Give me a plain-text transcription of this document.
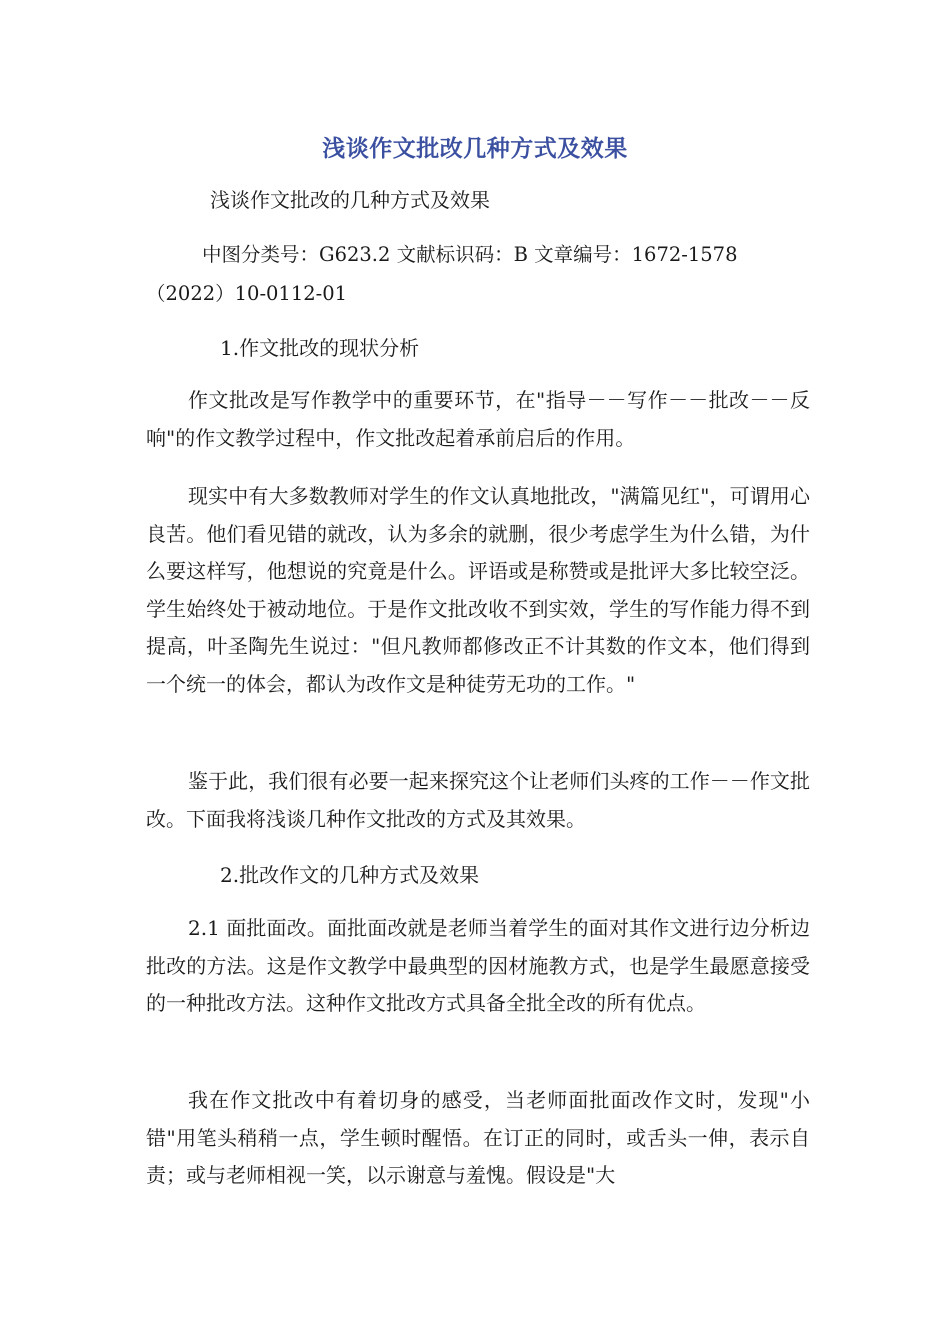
浅谈作文批改几种方式及效果

浅谈作文批改的几种方式及效果

中图分类号：G623.2 文献标识码：B 文章编号：1672-1578
（2022）10-0112-01

1.作文批改的现状分析

作文批改是写作教学中的重要环节，在"指导－－写作－－批改－－反响"的作文教学过程中，作文批改起着承前启后的作用。

现实中有大多数教师对学生的作文认真地批改，"满篇见红"，可谓用心良苦。他们看见错的就改，认为多余的就删，很少考虑学生为什么错，为什么要这样写，他想说的究竟是什么。评语或是称赞或是批评大多比较空泛。学生始终处于被动地位。于是作文批改收不到实效，学生的写作能力得不到提高，叶圣陶先生说过："但凡教师都修改正不计其数的作文本，他们得到一个统一的体会，都认为改作文是种徒劳无功的工作。"

鉴于此，我们很有必要一起来探究这个让老师们头疼的工作－－作文批改。下面我将浅谈几种作文批改的方式及其效果。

2.批改作文的几种方式及效果

2.1 面批面改。面批面改就是老师当着学生的面对其作文进行边分析边批改的方法。这是作文教学中最典型的因材施教方式，也是学生最愿意接受的一种批改方法。这种作文批改方式具备全批全改的所有优点。

我在作文批改中有着切身的感受，当老师面批面改作文时，发现"小错"用笔头稍稍一点，学生顿时醒悟。在订正的同时，或舌头一伸，表示自责；或与老师相视一笑，以示谢意与羞愧。假设是"大
